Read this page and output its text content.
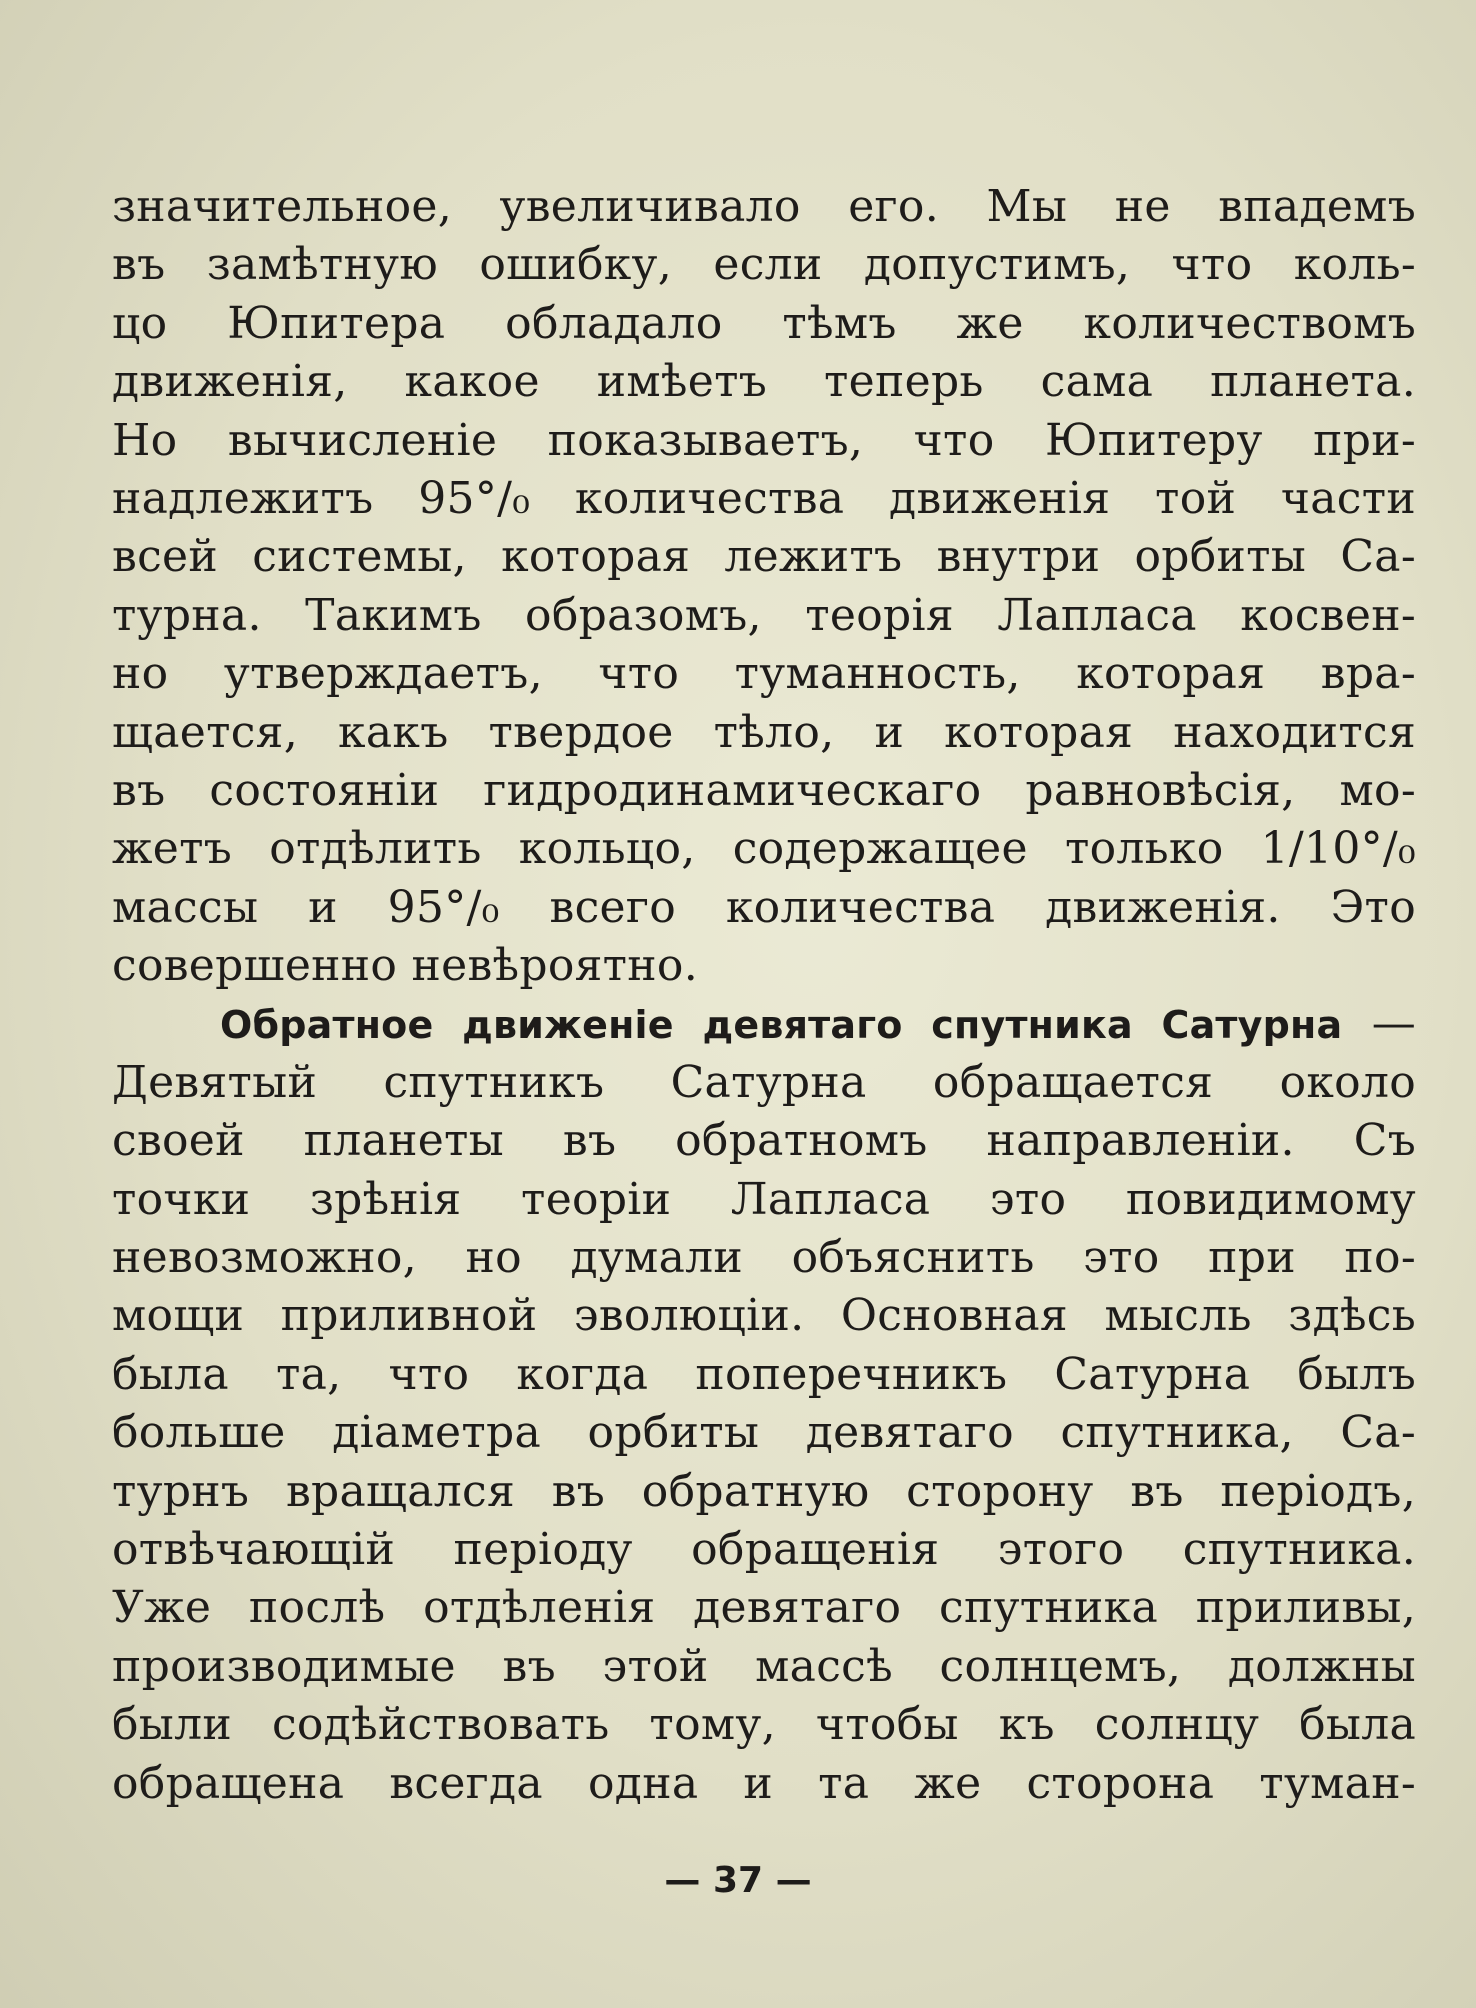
значительное, увеличивало его. Мы не впадемъ
въ замѣтную ошибку, если допустимъ, что коль-
цо Юпитера обладало тѣмъ же количествомъ
движенія, какое имѣетъ теперь сама планета.
Но вычисленіе показываетъ, что Юпитеру при-
надлежитъ 95°/₀ количества движенія той части
всей системы, которая лежитъ внутри орбиты Са-
турна. Такимъ образомъ, теорія Лапласа косвен-
но утверждаетъ, что туманность, которая вра-
щается, какъ твердое тѣло, и которая находится
въ состояніи гидродинамическаго равновѣсія, мо-
жетъ отдѣлить кольцо, содержащее только 1/10°/₀
массы и 95°/₀ всего количества движенія. Это
совершенно невѣроятно.
Обратное движеніе девятаго спутника Сатурна —
Девятый спутникъ Сатурна обращается около
своей планеты въ обратномъ направленіи. Съ
точки зрѣнія теоріи Лапласа это повидимому
невозможно, но думали объяснить это при по-
мощи приливной эволюціи. Основная мысль здѣсь
была та, что когда поперечникъ Сатурна былъ
больше діаметра орбиты девятаго спутника, Са-
турнъ вращался въ обратную сторону въ періодъ,
отвѣчающій періоду обращенія этого спутника.
Уже послѣ отдѣленія девятаго спутника приливы,
производимые въ этой массѣ солнцемъ, должны
были содѣйствовать тому, чтобы къ солнцу была
обращена всегда одна и та же сторона туман-
— 37 —
